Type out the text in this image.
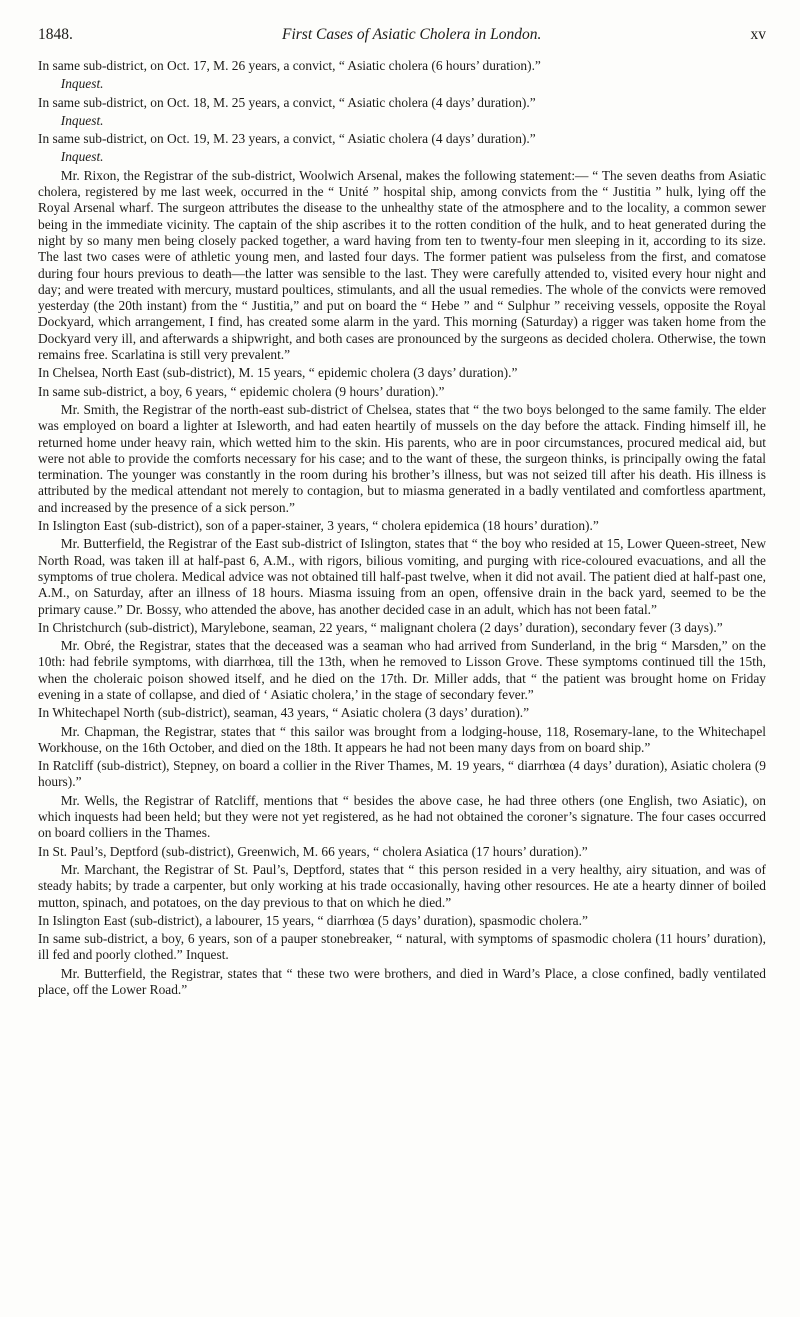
1848.	First Cases of Asiatic Cholera in London.	xv

In same sub-district, on Oct. 17, M. 26 years, a convict, “ Asiatic cholera (6 hours’ duration).”

Inquest.

In same sub-district, on Oct. 18, M. 25 years, a convict, “ Asiatic cholera (4 days’ duration).”

Inquest.

In same sub-district, on Oct. 19, M. 23 years, a convict, “ Asiatic cholera (4 days’ duration).”

Inquest.

Mr. Rixon, the Registrar of the sub-district, Woolwich Arsenal, makes the following statement:— “ The seven deaths from Asiatic cholera, registered by me last week, occurred in the “ Unité ” hospital ship, among convicts from the “ Justitia ” hulk, lying off the Royal Arsenal wharf. The surgeon attributes the disease to the unhealthy state of the atmosphere and to the locality, a common sewer being in the immediate vicinity. The captain of the ship ascribes it to the rotten condition of the hulk, and to heat generated during the night by so many men being closely packed together, a ward having from ten to twenty-four men sleeping in it, according to its size. The last two cases were of athletic young men, and lasted four days. The former patient was pulseless from the first, and comatose during four hours previous to death—the latter was sensible to the last. They were carefully attended to, visited every hour night and day; and were treated with mercury, mustard poultices, stimulants, and all the usual remedies. The whole of the convicts were removed yesterday (the 20th instant) from the “ Justitia,” and put on board the “ Hebe ” and “ Sulphur ” receiving vessels, opposite the Royal Dockyard, which arrangement, I find, has created some alarm in the yard. This morning (Saturday) a rigger was taken home from the Dockyard very ill, and afterwards a shipwright, and both cases are pronounced by the surgeons as decided cholera. Otherwise, the town remains free. Scarlatina is still very prevalent.”

In Chelsea, North East (sub-district), M. 15 years, “ epidemic cholera (3 days’ duration).”

In same sub-district, a boy, 6 years, “ epidemic cholera (9 hours’ duration).”

Mr. Smith, the Registrar of the north-east sub-district of Chelsea, states that “ the two boys belonged to the same family. The elder was employed on board a lighter at Isleworth, and had eaten heartily of mussels on the day before the attack. Finding himself ill, he returned home under heavy rain, which wetted him to the skin. His parents, who are in poor circumstances, procured medical aid, but were not able to provide the comforts necessary for his case; and to the want of these, the surgeon thinks, is principally owing the fatal termination. The younger was constantly in the room during his brother’s illness, but was not seized till after his death. His illness is attributed by the medical attendant not merely to contagion, but to miasma generated in a badly ventilated and comfortless apartment, and increased by the presence of a sick person.”

In Islington East (sub-district), son of a paper-stainer, 3 years, “ cholera epidemica (18 hours’ duration).”

Mr. Butterfield, the Registrar of the East sub-district of Islington, states that “ the boy who resided at 15, Lower Queen-street, New North Road, was taken ill at half-past 6, A.M., with rigors, bilious vomiting, and purging with rice-coloured evacuations, and all the symptoms of true cholera. Medical advice was not obtained till half-past twelve, when it did not avail. The patient died at half-past one, A.M., on Saturday, after an illness of 18 hours. Miasma issuing from an open, offensive drain in the back yard, seemed to be the primary cause.” Dr. Bossy, who attended the above, has another decided case in an adult, which has not been fatal.”

In Christchurch (sub-district), Marylebone, seaman, 22 years, “ malignant cholera (2 days’ duration), secondary fever (3 days).”

Mr. Obré, the Registrar, states that the deceased was a seaman who had arrived from Sunderland, in the brig “ Marsden,” on the 10th: had febrile symptoms, with diarrhœa, till the 13th, when he removed to Lisson Grove. These symptoms continued till the 15th, when the choleraic poison showed itself, and he died on the 17th. Dr. Miller adds, that “ the patient was brought home on Friday evening in a state of collapse, and died of ‘ Asiatic cholera,’ in the stage of secondary fever.”

In Whitechapel North (sub-district), seaman, 43 years, “ Asiatic cholera (3 days’ duration).”

Mr. Chapman, the Registrar, states that “ this sailor was brought from a lodging-house, 118, Rosemary-lane, to the Whitechapel Workhouse, on the 16th October, and died on the 18th. It appears he had not been many days from on board ship.”

In Ratcliff (sub-district), Stepney, on board a collier in the River Thames, M. 19 years, “ diarrhœa (4 days’ duration), Asiatic cholera (9 hours).”

Mr. Wells, the Registrar of Ratcliff, mentions that “ besides the above case, he had three others (one English, two Asiatic), on which inquests had been held; but they were not yet registered, as he had not obtained the coroner’s signature. The four cases occurred on board colliers in the Thames.

In St. Paul’s, Deptford (sub-district), Greenwich, M. 66 years, “ cholera Asiatica (17 hours’ duration).”

Mr. Marchant, the Registrar of St. Paul’s, Deptford, states that “ this person resided in a very healthy, airy situation, and was of steady habits; by trade a carpenter, but only working at his trade occasionally, having other resources. He ate a hearty dinner of boiled mutton, spinach, and potatoes, on the day previous to that on which he died.”

In Islington East (sub-district), a labourer, 15 years, “ diarrhœa (5 days’ duration), spasmodic cholera.”

In same sub-district, a boy, 6 years, son of a pauper stonebreaker, “ natural, with symptoms of spasmodic cholera (11 hours’ duration), ill fed and poorly clothed.” Inquest.

Mr. Butterfield, the Registrar, states that “ these two were brothers, and died in Ward’s Place, a close confined, badly ventilated place, off the Lower Road.”
